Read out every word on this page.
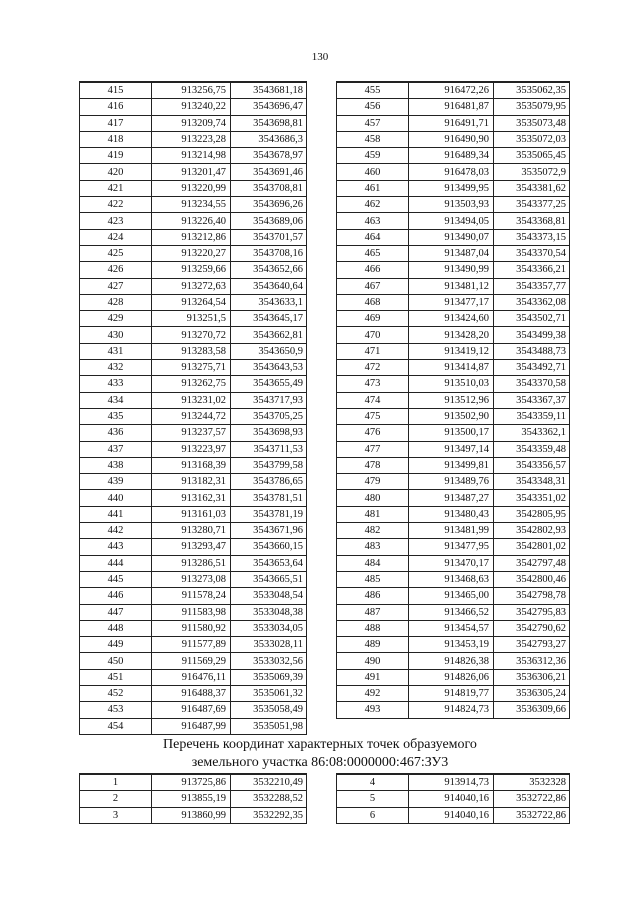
130
415	913256,75	3543681,18
416	913240,22	3543696,47
417	913209,74	3543698,81
418	913223,28	3543686,3
419	913214,98	3543678,97
420	913201,47	3543691,46
421	913220,99	3543708,81
422	913234,55	3543696,26
423	913226,40	3543689,06
424	913212,86	3543701,57
425	913220,27	3543708,16
426	913259,66	3543652,66
427	913272,63	3543640,64
428	913264,54	3543633,1
429	913251,5	3543645,17
430	913270,72	3543662,81
431	913283,58	3543650,9
432	913275,71	3543643,53
433	913262,75	3543655,49
434	913231,02	3543717,93
435	913244,72	3543705,25
436	913237,57	3543698,93
437	913223,97	3543711,53
438	913168,39	3543799,58
439	913182,31	3543786,65
440	913162,31	3543781,51
441	913161,03	3543781,19
442	913280,71	3543671,96
443	913293,47	3543660,15
444	913286,51	3543653,64
445	913273,08	3543665,51
446	911578,24	3533048,54
447	911583,98	3533048,38
448	911580,92	3533034,05
449	911577,89	3533028,11
450	911569,29	3533032,56
451	916476,11	3535069,39
452	916488,37	3535061,32
453	916487,69	3535058,49
454	916487,99	3535051,98
455	916472,26	3535062,35
456	916481,87	3535079,95
457	916491,71	3535073,48
458	916490,90	3535072,03
459	916489,34	3535065,45
460	916478,03	3535072,9
461	913499,95	3543381,62
462	913503,93	3543377,25
463	913494,05	3543368,81
464	913490,07	3543373,15
465	913487,04	3543370,54
466	913490,99	3543366,21
467	913481,12	3543357,77
468	913477,17	3543362,08
469	913424,60	3543502,71
470	913428,20	3543499,38
471	913419,12	3543488,73
472	913414,87	3543492,71
473	913510,03	3543370,58
474	913512,96	3543367,37
475	913502,90	3543359,11
476	913500,17	3543362,1
477	913497,14	3543359,48
478	913499,81	3543356,57
479	913489,76	3543348,31
480	913487,27	3543351,02
481	913480,43	3542805,95
482	913481,99	3542802,93
483	913477,95	3542801,02
484	913470,17	3542797,48
485	913468,63	3542800,46
486	913465,00	3542798,78
487	913466,52	3542795,83
488	913454,57	3542790,62
489	913453,19	3542793,27
490	914826,38	3536312,36
491	914826,06	3536306,21
492	914819,77	3536305,24
493	914824,73	3536309,66
Перечень координат характерных точек образуемого
земельного участка 86:08:0000000:467:ЗУ3
1	913725,86	3532210,49
2	913855,19	3532288,52
3	913860,99	3532292,35
4	913914,73	3532328
5	914040,16	3532722,86
6	914040,16	3532722,86
